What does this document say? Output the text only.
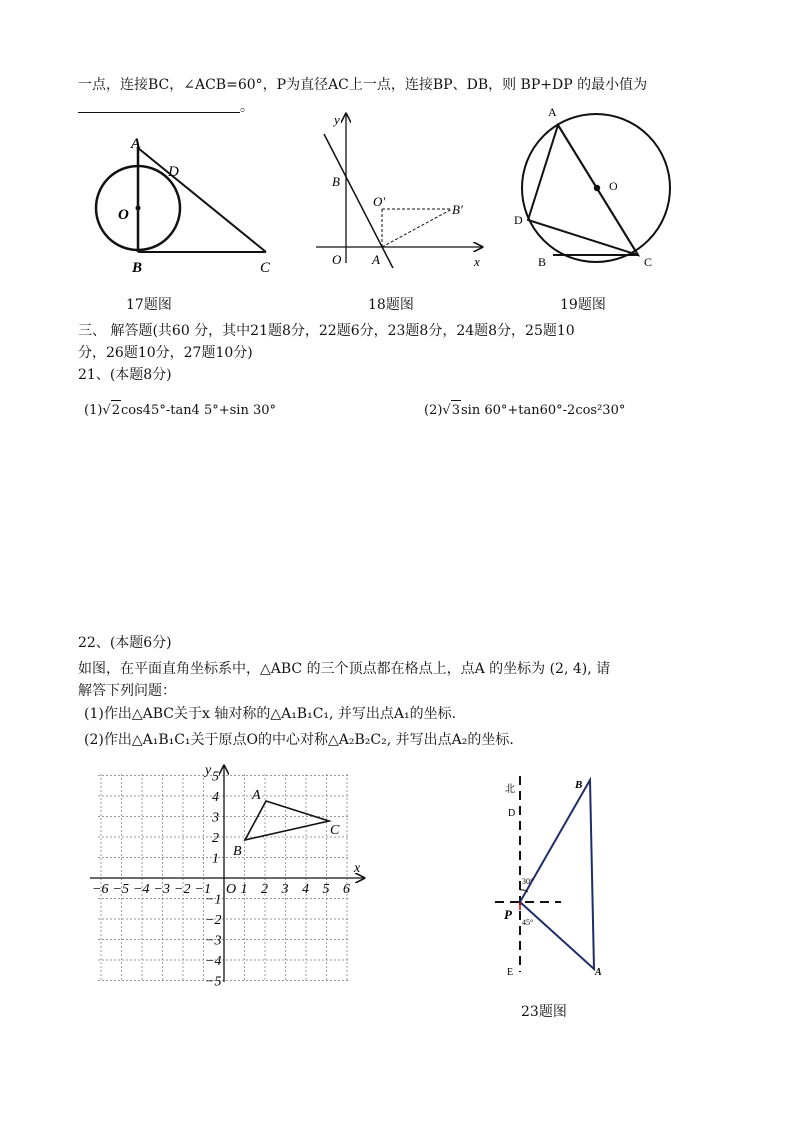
一点，连接BC，∠ACB=60°，P为直径AC上一点，连接BP、DB，则 BP+DP 的最小值为
。
A
D
O
B	C
17题图
y
B
O′
B′
O A	x
18题图
A
O
D
B	C
19题图
三、 解答题(共60 分，其中21题8分，22题6分，23题8分，24题8分，25题10
分，26题10分，27题10分)
21、(本题8分)
(1)√2cos45°-tan4 5°+sin 30°	(2)√3sin 60°+tan60°-2cos²30°
22、(本题6分)
如图，在平面直角坐标系中，△ABC 的三个顶点都在格点上，点A 的坐标为 (2, 4), 请
解答下列问题：
(1)作出△ABC关于x 轴对称的△A₁B₁C₁, 并写出点A₁的坐标.
(2)作出△A₁B₁C₁关于原点O的中心对称△A₂B₂C₂, 并写出点A₂的坐标.
−6 −5 −4 −3 −2 −1 1 2 3 4 5 6
5
4
3
2
1
−1
−2
−3
−4
−5
y
x
O
A
B
C
北
D
B
30°
P
45°
E	A
23题图
